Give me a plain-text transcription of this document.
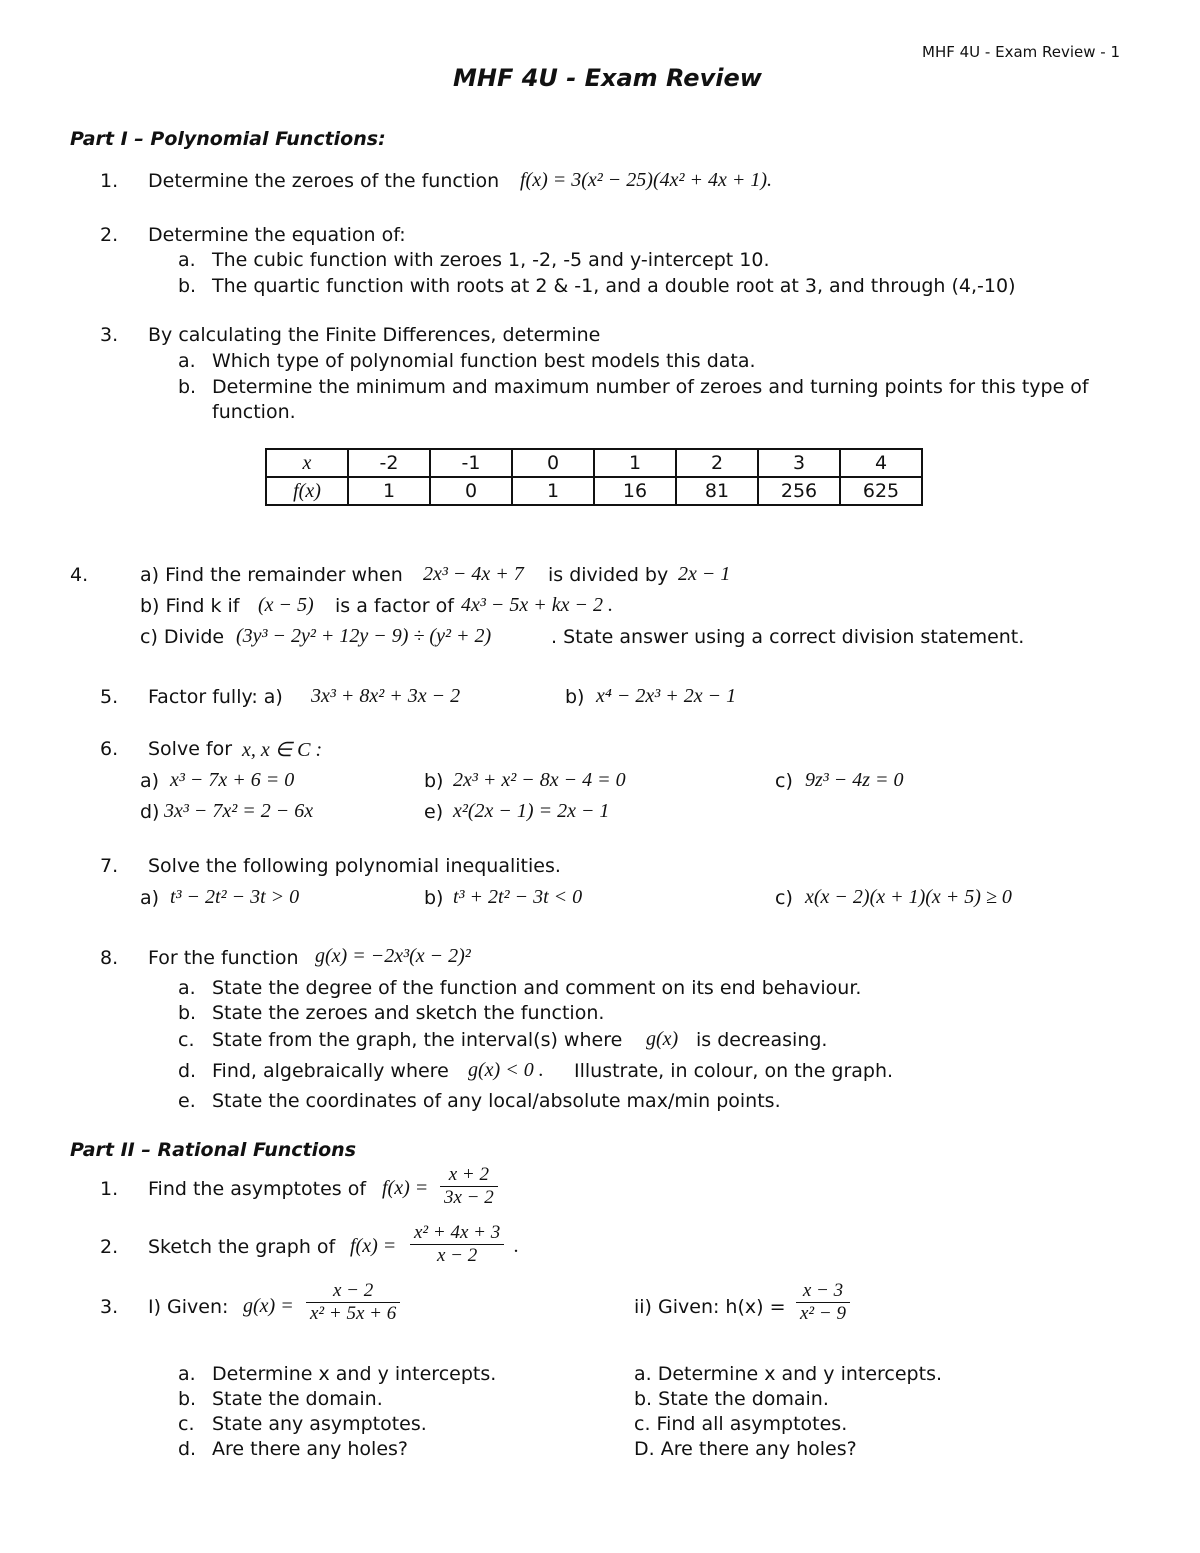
MHF 4U - Exam Review - 1
MHF 4U - Exam Review
Part I – Polynomial Functions:
1. Determine the zeroes of the function f(x) = 3(x² − 25)(4x² + 4x + 1).
2. Determine the equation of:
a. The cubic function with zeroes 1, -2, -5 and y-intercept 10.
b. The quartic function with roots at 2 & -1, and a double root at 3, and through (4,-10)
3. By calculating the Finite Differences, determine
a. Which type of polynomial function best models this data.
b. Determine the minimum and maximum number of zeroes and turning points for this type of
function.
x	-2	-1	0	1	2	3	4
f(x)	1	0	1	16	81	256	625
4.	a) Find the remainder when 2x³ − 4x + 7 is divided by 2x − 1
b) Find k if (x − 5) is a factor of 4x³ − 5x + kx − 2 .
c) Divide (3y³ − 2y² + 12y − 9) ÷ (y² + 2)	. State answer using a correct division statement.
5. Factor fully: a) 3x³ + 8x² + 3x − 2	b) x⁴ − 2x³ + 2x − 1
6. Solve for x, x ∈ C :
a) x³ − 7x + 6 = 0	b) 2x³ + x² − 8x − 4 = 0	c) 9z³ − 4z = 0
d) 3x³ − 7x² = 2 − 6x	e) x²(2x − 1) = 2x − 1
7. Solve the following polynomial inequalities.
a) t³ − 2t² − 3t > 0	b) t³ + 2t² − 3t < 0	c) x(x − 2)(x + 1)(x + 5) ≥ 0
8. For the function g(x) = −2x³(x − 2)²
a. State the degree of the function and comment on its end behaviour.
b. State the zeroes and sketch the function.
c. State from the graph, the interval(s) where g(x) is decreasing.
d. Find, algebraically where g(x) < 0 . Illustrate, in colour, on the graph.
e. State the coordinates of any local/absolute max/min points.
Part II – Rational Functions
1. Find the asymptotes of $f(x) = \frac{x + 2}{3x - 2}$
2. Sketch the graph of $f(x) = \frac{\text{x² + 4x + 3}}{x - 2}$ .
3. I) Given: $g(x) = \frac{x - 2}{\text{x² + 5x + 6}}$	ii) Given: $h(x) = \frac{x - 3}{\text{x² − 9}}$
a. Determine x and y intercepts.
b. State the domain.
c. State any asymptotes.
d. Are there any holes?
a. Determine x and y intercepts.
b. State the domain.
c. Find all asymptotes.
D. Are there any holes?
